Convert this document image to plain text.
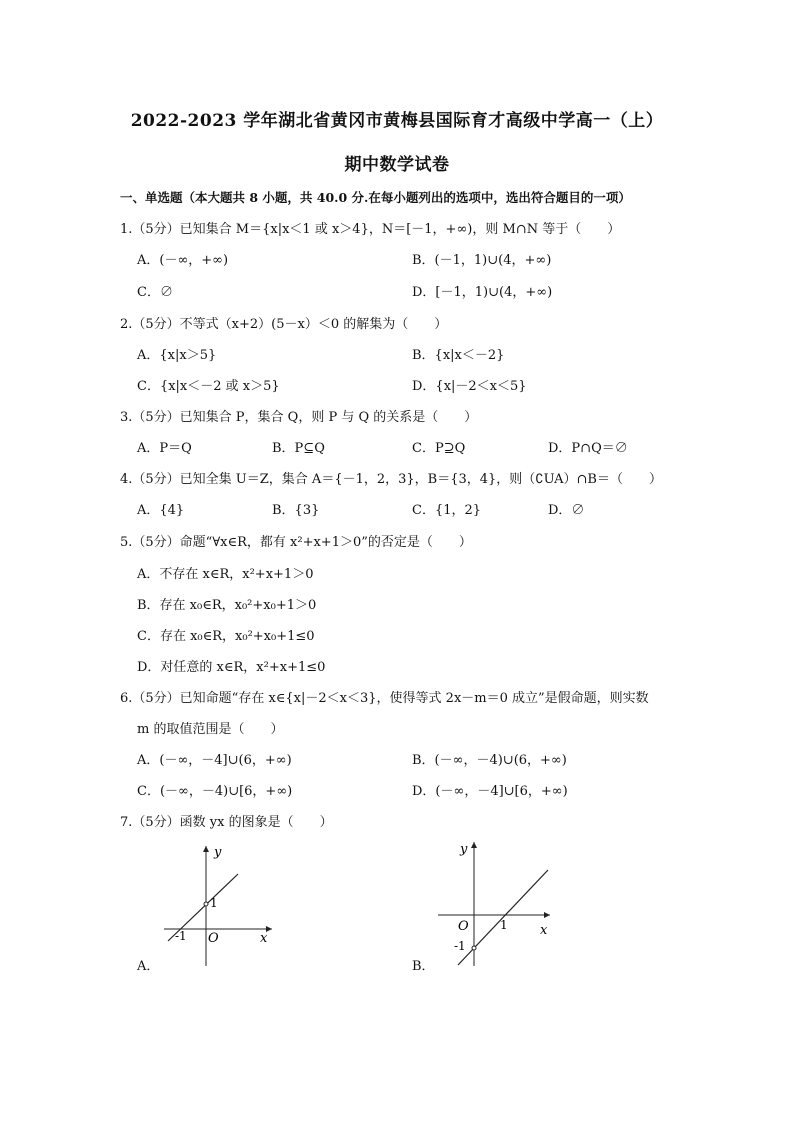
2022-2023 学年湖北省黄冈市黄梅县国际育才高级中学高一（上）
期中数学试卷
一、单选题（本大题共 8 小题，共 40.0 分.在每小题列出的选项中，选出符合题目的一项）
1.（5分）已知集合 M＝{x|x＜1 或 x＞4}，N＝[－1，+∞)，则 M∩N 等于（　　）
A．(－∞，+∞)	B．(－1，1)∪(4，+∞)
C．∅	D．[－1，1)∪(4，+∞)
2.（5分）不等式（x+2）(5－x）＜0 的解集为（　　）
A．{x|x＞5}	B．{x|x＜－2}
C．{x|x＜－2 或 x＞5}	D．{x|－2＜x＜5}
3.（5分）已知集合 P，集合 Q，则 P 与 Q 的关系是（　　）
A．P＝Q	B．P⊆Q	C．P⊇Q	D．P∩Q＝∅
4.（5分）已知全集 U＝Z，集合 A＝{－1，2，3}，B＝{3，4}，则（∁UA）∩B＝（　　）
A．{4}	B．{3}	C．{1，2}	D．∅
5.（5分）命题“∀x∈R，都有 x²+x+1＞0”的否定是（　　）
A．不存在 x∈R，x²+x+1＞0
B．存在 x₀∈R，x₀²+x₀+1＞0
C．存在 x₀∈R，x₀²+x₀+1≤0
D．对任意的 x∈R，x²+x+1≤0
6.（5分）已知命题“存在 x∈{x|－2＜x＜3}，使得等式 2x－m＝0 成立”是假命题，则实数
m 的取值范围是（　　）
A．(－∞，－4]∪(6，+∞)	B．(－∞，－4)∪(6，+∞)
C．(－∞，－4)∪[6，+∞)	D．(－∞，－4]∪[6，+∞)
7.（5分）函数 yx 的图象是（　　）
y
x
O
-1
1
A．
y
x
O	1
-1
B．
